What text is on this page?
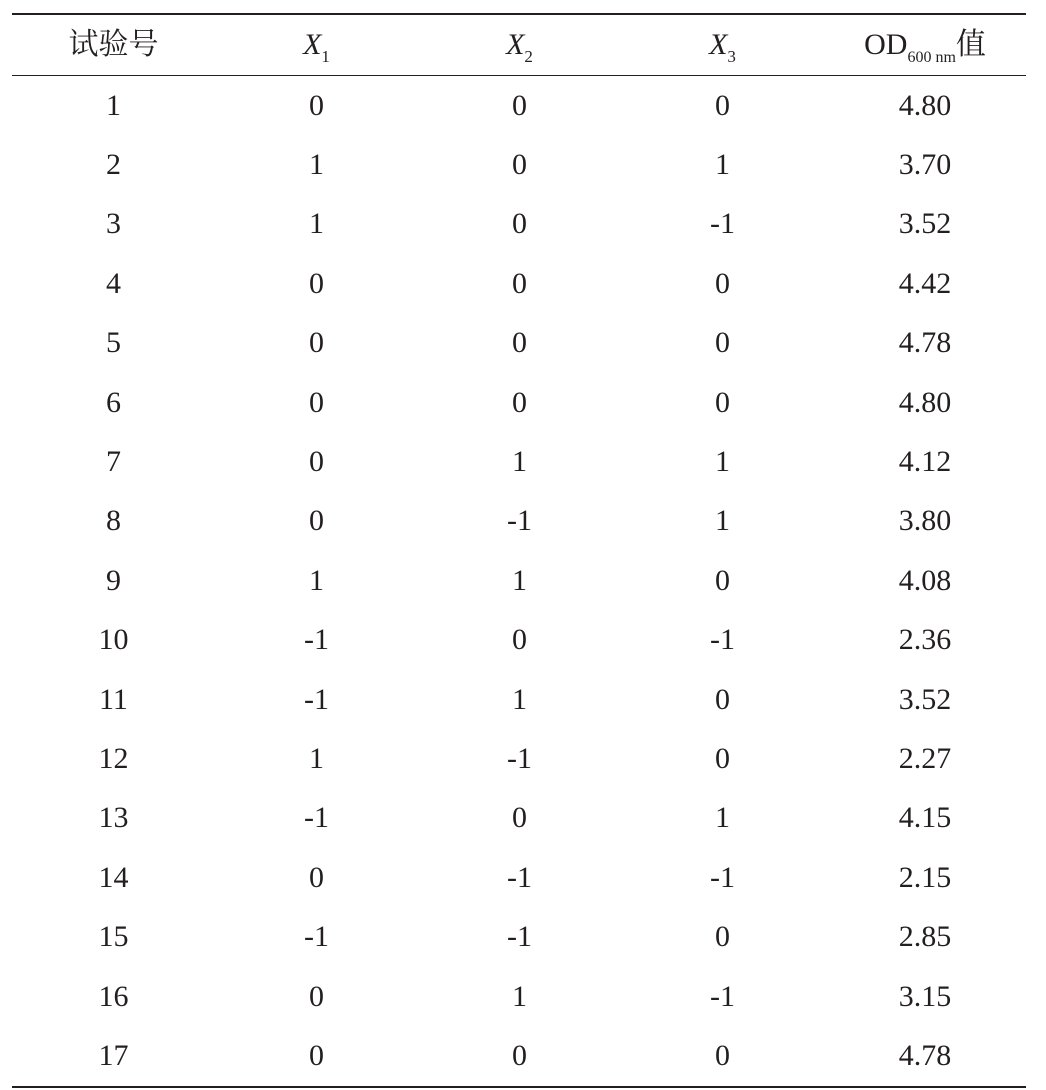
试验号	$X_1$	$X_2$	$X_3$	$OD_{600 nm}$值
1	0	0	0	4.80
2	1	0	1	3.70
3	1	0	-1	3.52
4	0	0	0	4.42
5	0	0	0	4.78
6	0	0	0	4.80
7	0	1	1	4.12
8	0	-1	1	3.80
9	1	1	0	4.08
10	-1	0	-1	2.36
11	-1	1	0	3.52
12	1	-1	0	2.27
13	-1	0	1	4.15
14	0	-1	-1	2.15
15	-1	-1	0	2.85
16	0	1	-1	3.15
17	0	0	0	4.78
